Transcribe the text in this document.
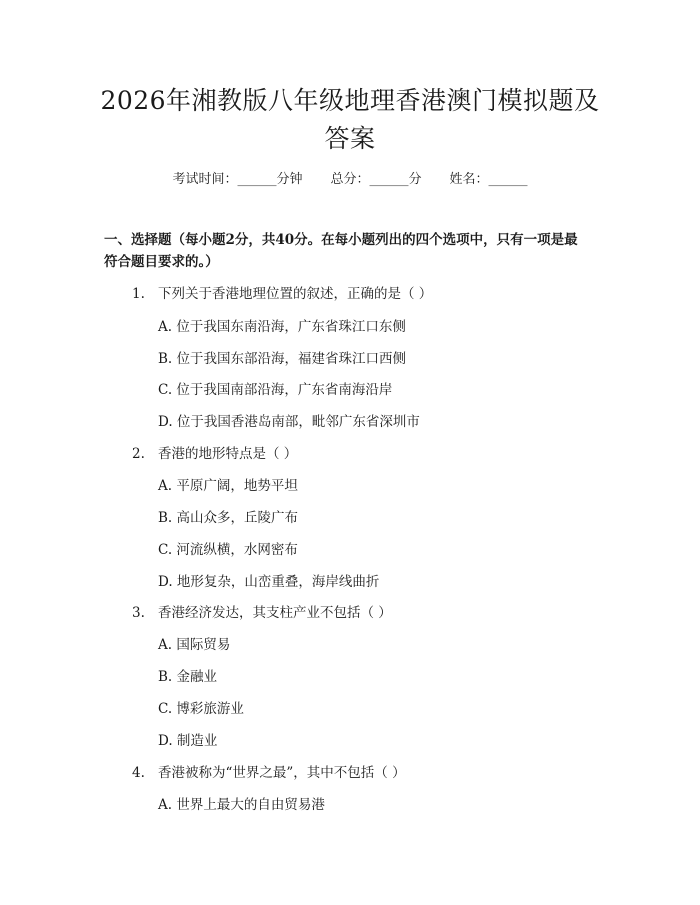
2026年湘教版八年级地理香港澳门模拟题及
答案
考试时间：______分钟 总分：______分 姓名：______
一、选择题（每小题2分，共40分。在每小题列出的四个选项中，只有一项是最
符合题目要求的。）
1. 下列关于香港地理位置的叙述，正确的是（ ）
A. 位于我国东南沿海，广东省珠江口东侧
B. 位于我国东部沿海，福建省珠江口西侧
C. 位于我国南部沿海，广东省南海沿岸
D. 位于我国香港岛南部，毗邻广东省深圳市
2. 香港的地形特点是（ ）
A. 平原广阔，地势平坦
B. 高山众多，丘陵广布
C. 河流纵横，水网密布
D. 地形复杂，山峦重叠，海岸线曲折
3. 香港经济发达，其支柱产业不包括（ ）
A. 国际贸易
B. 金融业
C. 博彩旅游业
D. 制造业
4. 香港被称为“世界之最”，其中不包括（ ）
A. 世界上最大的自由贸易港
